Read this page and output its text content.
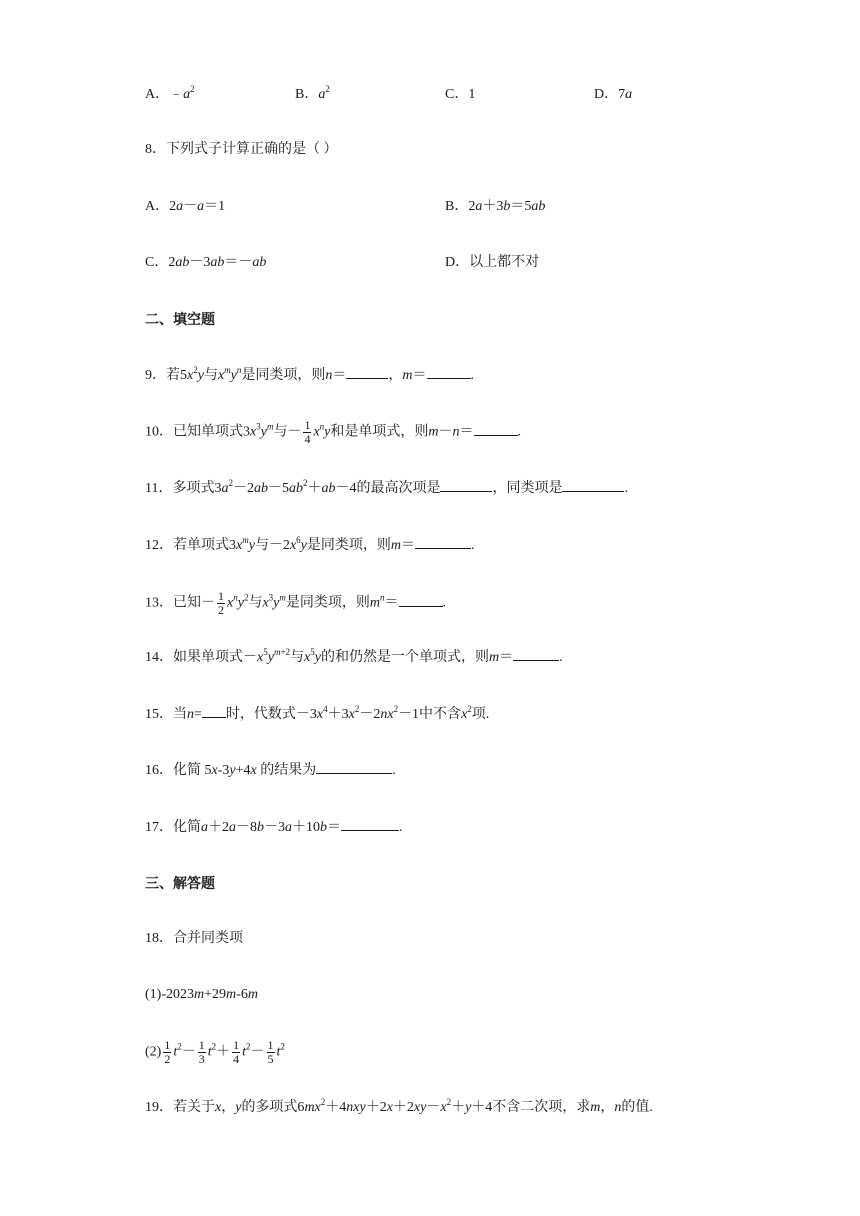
A．$﹣a^2$	B．$a^2$	C．1	D．7a
8．下列式子计算正确的是（ ）
A．2a－a＝1	B．2a＋3b＝5ab
C．2ab－3ab＝－ab	D．以上都不对
二、填空题
9．若$5x^2y$与$x^my^n$是同类项，则n＝	，m＝	.
10．已知单项式$3x^3y^m$与－ $\frac{1}{4} x^ny$和是单项式，则m－n＝	.
11．多项式$3a^2-2ab-5ab^2+ab-4$的最高次项是	，同类项是	.
12．若单项式$3x^my$与$-2x^6y$是同类项，则m＝	.
13．已知－ $\frac{1}{2} x^ny^2$与$x^3y^m$是同类项，则$m^n=$	.
14．如果单项式$-x^5y^{m+2}$与$x^5y$的和仍然是一个单项式，则m＝	.
15．当n= 时，代数式$-3x^4+3x^2-2nx^2-1$中不含$x^2$项.
16．化简 5x-3y+4x 的结果为	.
17．化简a＋2a－8b－3a＋10b＝	.
三、解答题
18．合并同类项
(1)-2023m+29m-6m
$(2) \frac{1}{2} t^2- \frac{1}{3} t^2+ \frac{1}{4} t^2- \frac{1}{5} t^2$
19．若关于x，y的多项式$6mx^2+4nxy+2x+2xy-x^2+y+4$不含二次项，求m，n的值.
